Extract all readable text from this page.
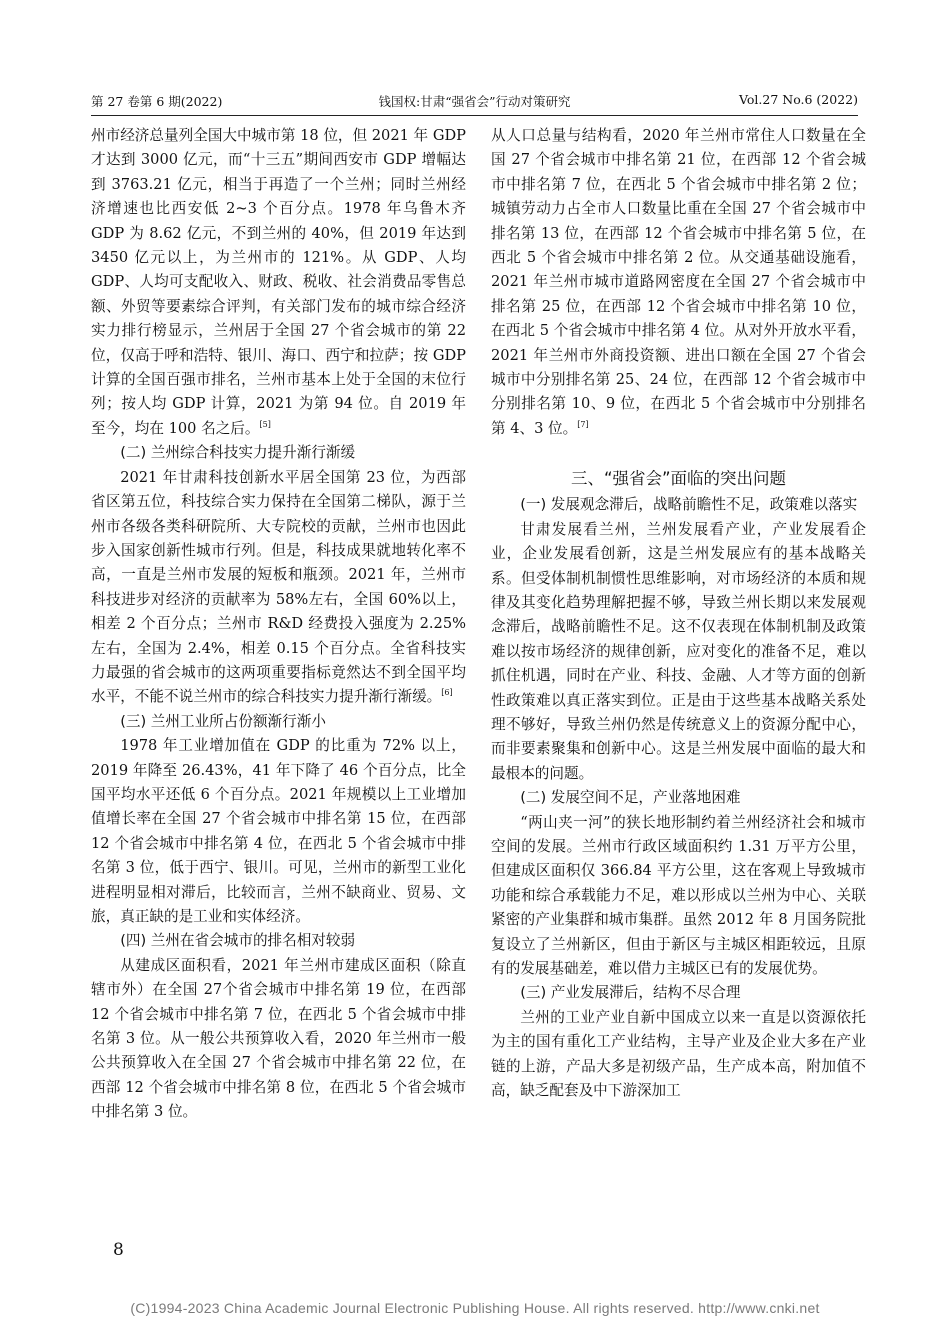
第 27 卷第 6 期(2022)	钱国权:甘肃“强省会”行动对策研究	Vol.27 No.6 (2022)

州市经济总量列全国大中城市第 18 位，但 2021 年 GDP 才达到 3000 亿元，而“十三五”期间西安市 GDP 增幅达到 3763.21 亿元，相当于再造了一个兰州；同时兰州经济增速也比西安低 2~3 个百分点。1978 年乌鲁木齐 GDP 为 8.62 亿元，不到兰州的 40%，但 2019 年达到 3450 亿元以上，为兰州市的 121%。从 GDP、人均 GDP、人均可支配收入、财政、税收、社会消费品零售总额、外贸等要素综合评判，有关部门发布的城市综合经济实力排行榜显示，兰州居于全国 27 个省会城市的第 22 位，仅高于呼和浩特、银川、海口、西宁和拉萨；按 GDP 计算的全国百强市排名，兰州市基本上处于全国的末位行列；按人均 GDP 计算，2021 为第 94 位。自 2019 年至今，均在 100 名之后。[5]

(二) 兰州综合科技实力提升渐行渐缓

2021 年甘肃科技创新水平居全国第 23 位，为西部省区第五位，科技综合实力保持在全国第二梯队，源于兰州市各级各类科研院所、大专院校的贡献，兰州市也因此步入国家创新性城市行列。但是，科技成果就地转化率不高，一直是兰州市发展的短板和瓶颈。2021 年，兰州市科技进步对经济的贡献率为 58%左右，全国 60%以上，相差 2 个百分点；兰州市 R&D 经费投入强度为 2.25%左右，全国为 2.4%，相差 0.15 个百分点。全省科技实力最强的省会城市的这两项重要指标竟然达不到全国平均水平，不能不说兰州市的综合科技实力提升渐行渐缓。[6]

(三) 兰州工业所占份额渐行渐小

1978 年工业增加值在 GDP 的比重为 72% 以上，2019 年降至 26.43%，41 年下降了 46 个百分点，比全国平均水平还低 6 个百分点。2021 年规模以上工业增加值增长率在全国 27 个省会城市中排名第 15 位，在西部 12 个省会城市中排名第 4 位，在西北 5 个省会城市中排名第 3 位，低于西宁、银川。可见，兰州市的新型工业化进程明显相对滞后，比较而言，兰州不缺商业、贸易、文旅，真正缺的是工业和实体经济。

(四) 兰州在省会城市的排名相对较弱

从建成区面积看，2021 年兰州市建成区面积（除直辖市外）在全国 27个省会城市中排名第 19 位，在西部 12 个省会城市中排名第 7 位，在西北 5 个省会城市中排名第 3 位。从一般公共预算收入看，2020 年兰州市一般公共预算收入在全国 27 个省会城市中排名第 22 位，在西部 12 个省会城市中排名第 8 位，在西北 5 个省会城市中排名第 3 位。

从人口总量与结构看，2020 年兰州市常住人口数量在全国 27 个省会城市中排名第 21 位，在西部 12 个省会城市中排名第 7 位，在西北 5 个省会城市中排名第 2 位；城镇劳动力占全市人口数量比重在全国 27 个省会城市中排名第 13 位，在西部 12 个省会城市中排名第 5 位，在西北 5 个省会城市中排名第 2 位。从交通基础设施看，2021 年兰州市城市道路网密度在全国 27 个省会城市中排名第 25 位，在西部 12 个省会城市中排名第 10 位，在西北 5 个省会城市中排名第 4 位。从对外开放水平看，2021 年兰州市外商投资额、进出口额在全国 27 个省会城市中分别排名第 25、24 位，在西部 12 个省会城市中分别排名第 10、9 位，在西北 5 个省会城市中分别排名第 4、3 位。[7]

三、“强省会”面临的突出问题

(一) 发展观念滞后，战略前瞻性不足，政策难以落实

甘肃发展看兰州，兰州发展看产业，产业发展看企业，企业发展看创新，这是兰州发展应有的基本战略关系。但受体制机制惯性思维影响，对市场经济的本质和规律及其变化趋势理解把握不够，导致兰州长期以来发展观念滞后，战略前瞻性不足。这不仅表现在体制机制及政策难以按市场经济的规律创新，应对变化的准备不足，难以抓住机遇，同时在产业、科技、金融、人才等方面的创新性政策难以真正落实到位。正是由于这些基本战略关系处理不够好，导致兰州仍然是传统意义上的资源分配中心，而非要素聚集和创新中心。这是兰州发展中面临的最大和最根本的问题。

(二) 发展空间不足，产业落地困难

“两山夹一河”的狭长地形制约着兰州经济社会和城市空间的发展。兰州市行政区域面积约 1.31 万平方公里，但建成区面积仅 366.84 平方公里，这在客观上导致城市功能和综合承载能力不足，难以形成以兰州为中心、关联紧密的产业集群和城市集群。虽然 2012 年 8 月国务院批复设立了兰州新区，但由于新区与主城区相距较远，且原有的发展基础差，难以借力主城区已有的发展优势。

(三) 产业发展滞后，结构不尽合理

兰州的工业产业自新中国成立以来一直是以资源依托为主的国有重化工产业结构，主导产业及企业大多在产业链的上游，产品大多是初级产品，生产成本高，附加值不高，缺乏配套及中下游深加工

8
(C)1994-2023 China Academic Journal Electronic Publishing House. All rights reserved. http://www.cnki.net
